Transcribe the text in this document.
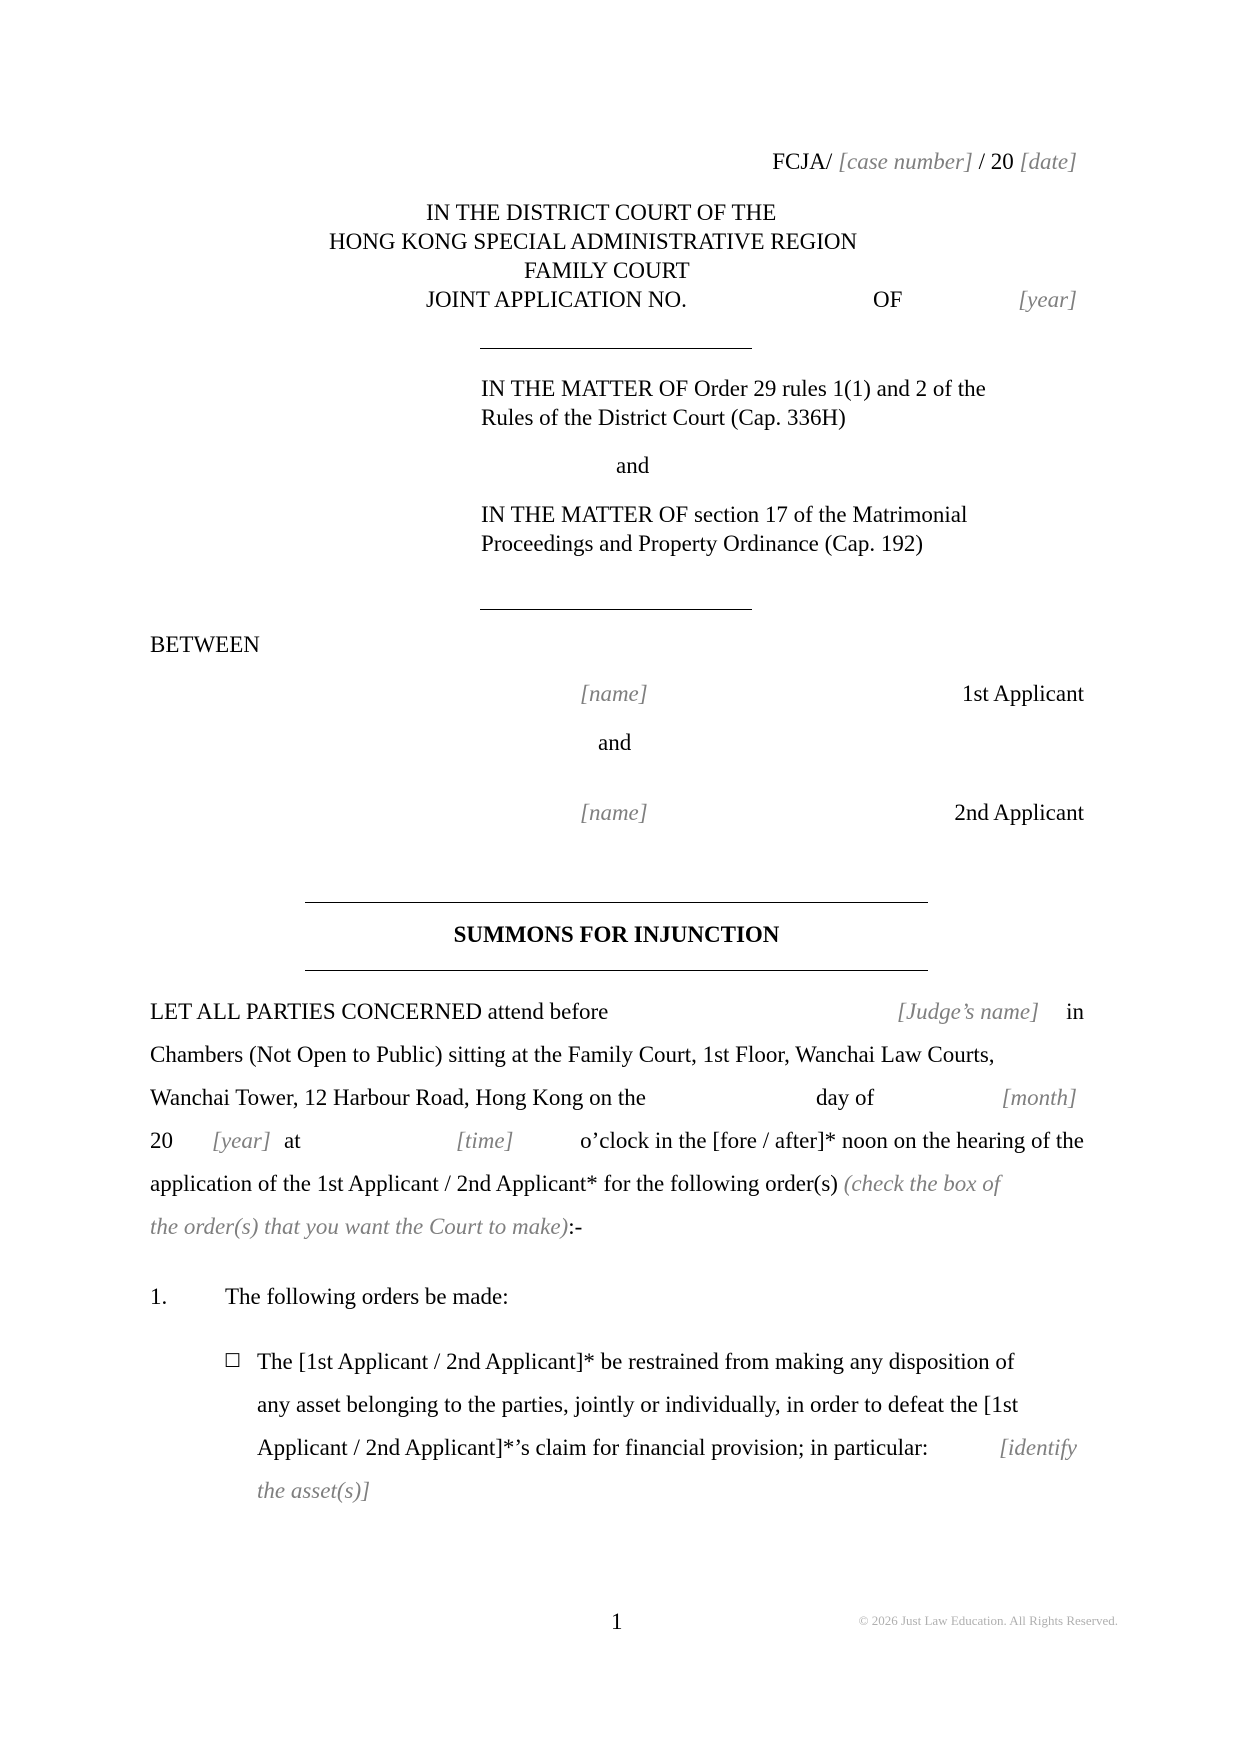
FCJA/ [case number] / 20 [date]
IN THE DISTRICT COURT OF THE
HONG KONG SPECIAL ADMINISTRATIVE REGION
FAMILY COURT
JOINT APPLICATION NO.	OF	[year]
IN THE MATTER OF Order 29 rules 1(1) and 2 of the
Rules of the District Court (Cap. 336H)
and
IN THE MATTER OF section 17 of the Matrimonial
Proceedings and Property Ordinance (Cap. 192)
BETWEEN
[name]	1st Applicant
and
[name]	2nd Applicant
SUMMONS FOR INJUNCTION
LET ALL PARTIES CONCERNED attend before	[Judge’s name] in
Chambers (Not Open to Public) sitting at the Family Court, 1st Floor, Wanchai Law Courts,
Wanchai Tower, 12 Harbour Road, Hong Kong on the	day of	[month]
20 [year] at	[time]	o’clock in the [fore / after]* noon on the hearing of the
application of the 1st Applicant / 2nd Applicant* for the following order(s) (check the box of
the order(s) that you want the Court to make):-
1.	The following orders be made:
☐ The [1st Applicant / 2nd Applicant]* be restrained from making any disposition of
any asset belonging to the parties, jointly or individually, in order to defeat the [1st
Applicant / 2nd Applicant]*’s claim for financial provision; in particular:	[identify
the asset(s)]
1	© 2026 Just Law Education. All Rights Reserved.
